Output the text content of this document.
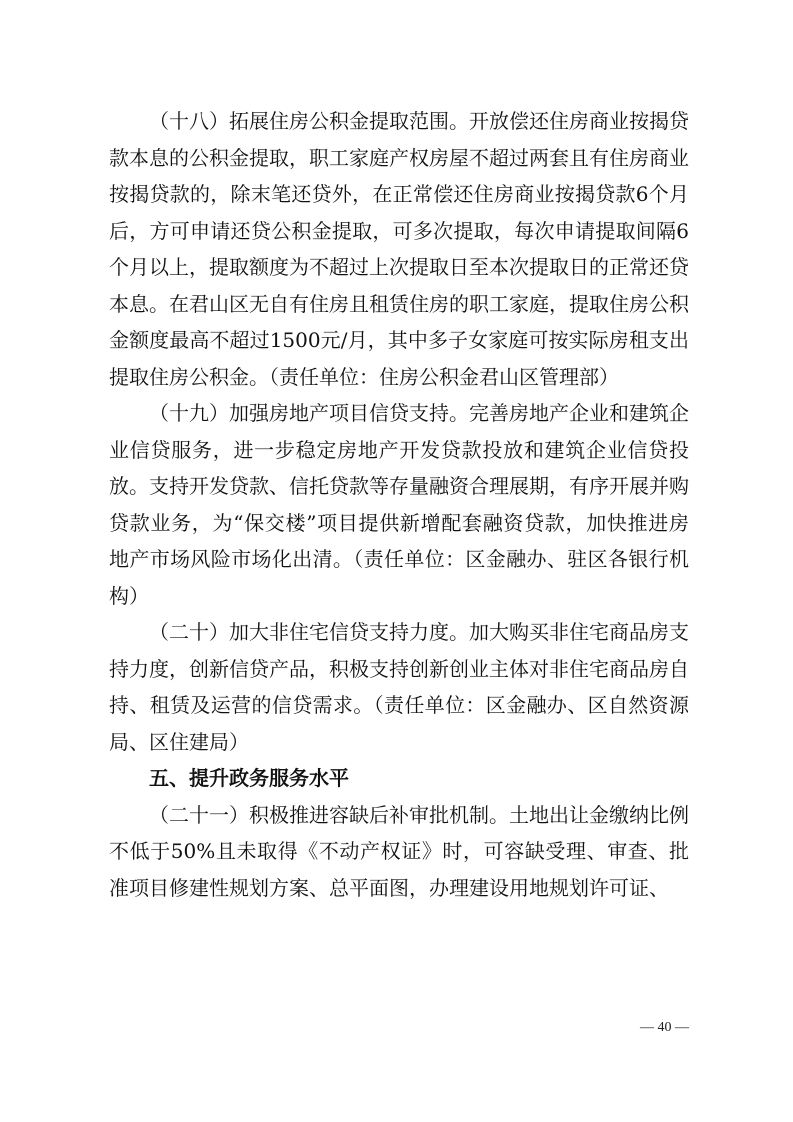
（十八）拓展住房公积金提取范围。开放偿还住房商业按揭贷款本息的公积金提取，职工家庭产权房屋不超过两套且有住房商业按揭贷款的，除末笔还贷外，在正常偿还住房商业按揭贷款6个月后，方可申请还贷公积金提取，可多次提取，每次申请提取间隔6个月以上，提取额度为不超过上次提取日至本次提取日的正常还贷本息。在君山区无自有住房且租赁住房的职工家庭，提取住房公积金额度最高不超过1500元/月，其中多子女家庭可按实际房租支出提取住房公积金。（责任单位：住房公积金君山区管理部）

（十九）加强房地产项目信贷支持。完善房地产企业和建筑企业信贷服务，进一步稳定房地产开发贷款投放和建筑企业信贷投放。支持开发贷款、信托贷款等存量融资合理展期，有序开展并购贷款业务，为“保交楼”项目提供新增配套融资贷款，加快推进房地产市场风险市场化出清。（责任单位：区金融办、驻区各银行机构）

（二十）加大非住宅信贷支持力度。加大购买非住宅商品房支持力度，创新信贷产品，积极支持创新创业主体对非住宅商品房自持、租赁及运营的信贷需求。（责任单位：区金融办、区自然资源局、区住建局）

五、提升政务服务水平

（二十一）积极推进容缺后补审批机制。土地出让金缴纳比例不低于50%且未取得《不动产权证》时，可容缺受理、审查、批准项目修建性规划方案、总平面图，办理建设用地规划许可证、

— 40 —
